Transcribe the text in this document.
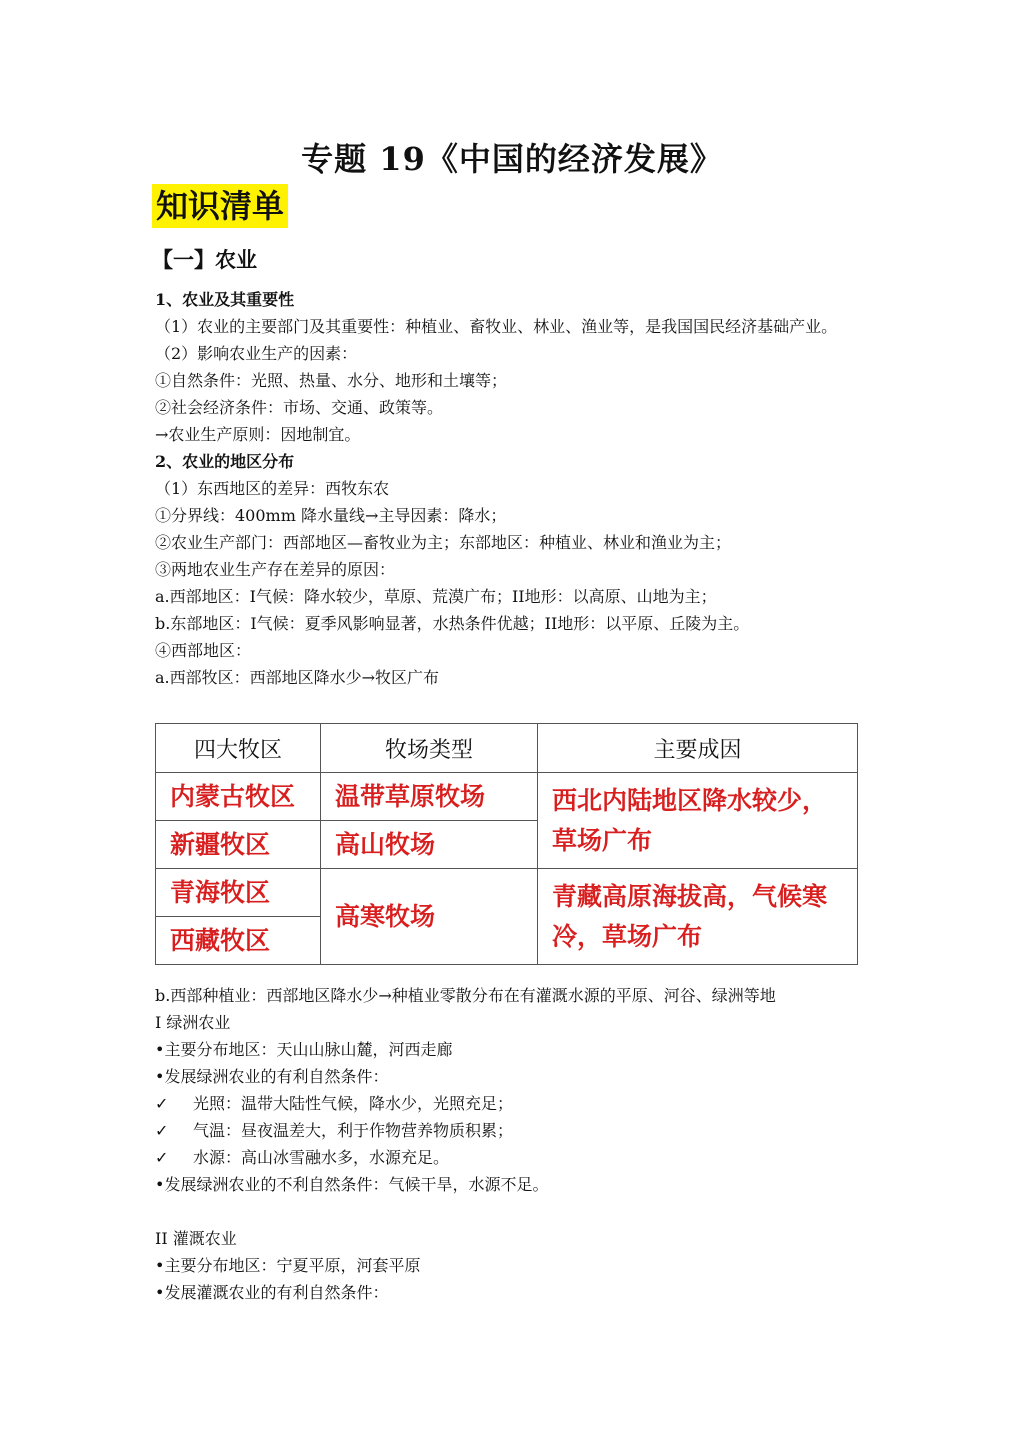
专题 19《中国的经济发展》
知识清单
【一】农业
1、农业及其重要性
（1）农业的主要部门及其重要性：种植业、畜牧业、林业、渔业等，是我国国民经济基础产业。
（2）影响农业生产的因素：
①自然条件：光照、热量、水分、地形和土壤等；
②社会经济条件：市场、交通、政策等。
→农业生产原则：因地制宜。
2、农业的地区分布
（1）东西地区的差异：西牧东农
①分界线：400mm 降水量线→主导因素：降水；
②农业生产部门：西部地区—畜牧业为主；东部地区：种植业、林业和渔业为主；
③两地农业生产存在差异的原因：
a.西部地区：I气候：降水较少，草原、荒漠广布；II地形：以高原、山地为主；
b.东部地区：I气候：夏季风影响显著，水热条件优越；II地形：以平原、丘陵为主。
④西部地区：
a.西部牧区：西部地区降水少→牧区广布
四大牧区	牧场类型	主要成因
内蒙古牧区	温带草原牧场	西北内陆地区降水较少，草场广布
新疆牧区	高山牧场	
青海牧区	高寒牧场	青藏高原海拔高，气候寒冷，草场广布
西藏牧区		
b.西部种植业：西部地区降水少→种植业零散分布在有灌溉水源的平原、河谷、绿洲等地
I 绿洲农业
•主要分布地区：天山山脉山麓，河西走廊
•发展绿洲农业的有利自然条件：
✓ 光照：温带大陆性气候，降水少，光照充足；
✓ 气温：昼夜温差大，利于作物营养物质积累；
✓ 水源：高山冰雪融水多，水源充足。
•发展绿洲农业的不利自然条件：气候干旱，水源不足。
II 灌溉农业
•主要分布地区：宁夏平原，河套平原
•发展灌溉农业的有利自然条件：
